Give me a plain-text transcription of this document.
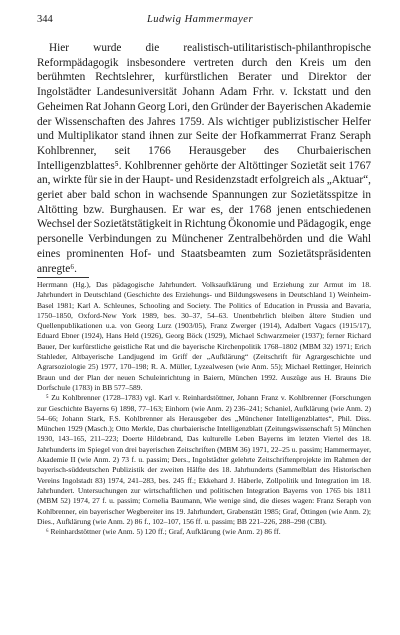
344	Ludwig Hammermayer

Hier wurde die realistisch-utilitaristisch-philanthropische Reformpädagogik insbesondere vertreten durch den Kreis um den berühmten Rechtslehrer, kurfürstlichen Berater und Direktor der Ingolstädter Landesuniversität Johann Adam Frhr. v. Ickstatt und den Geheimen Rat Johann Georg Lori, den Gründer der Bayerischen Akademie der Wissenschaften des Jahres 1759. Als wichtiger publizistischer Helfer und Multiplikator stand ihnen zur Seite der Hofkammerrat Franz Seraph Kohlbrenner, seit 1766 Herausgeber des Churbaierischen Intelligenzblattes⁵. Kohlbrenner gehörte der Altöttinger Sozietät seit 1767 an, wirkte für sie in der Haupt- und Residenzstadt erfolgreich als „Aktuar“, geriet aber bald schon in wachsende Spannungen zur Sozietätsspitze in Altötting bzw. Burghausen. Er war es, der 1768 jenen entschiedenen Wechsel der Sozietätstätigkeit in Richtung Ökonomie und Pädagogik, enge personelle Verbindungen zu Münchener Zentralbehörden und die Wahl eines prominenten Hof- und Staatsbeamten zum Sozietätspräsidenten anregte⁶.

Herrmann (Hg.), Das pädagogische Jahrhundert. Volksaufklärung und Erziehung zur Armut im 18. Jahrhundert in Deutschland (Geschichte des Erziehungs- und Bildungswesens in Deutschland 1) Weinheim-Basel 1981; Karl A. Schleunes, Schooling and Society. The Politics of Education in Prussia and Bavaria, 1750–1850, Oxford-New York 1989, bes. 30–37, 54–63. Unentbehrlich bleiben ältere Studien und Quellenpublikationen u.a. von Georg Lurz (1903/05), Franz Zwerger (1914), Adalbert Vagacs (1915/17), Eduard Ebner (1924), Hans Held (1926), Georg Böck (1929), Michael Schwarzmeier (1937); ferner Richard Bauer, Der kurfürstliche geistliche Rat und die bayerische Kirchenpolitik 1768–1802 (MBM 32) 1971; Erich Stahleder, Altbayerische Landjugend im Griff der „Aufklärung“ (Zeitschrift für Agrargeschichte und Agrarsoziologie 25) 1977, 170–198; R. A. Müller, Lyzealwesen (wie Anm. 55); Michael Rettinger, Heinrich Braun und der Plan der neuen Schuleinrichtung in Baiern, München 1992. Auszüge aus H. Brauns Die Dorfschule (1783) in BB 577–589.

⁵ Zu Kohlbrenner (1728–1783) vgl. Karl v. Reinhardstöttner, Johann Franz v. Kohlbrenner (Forschungen zur Geschichte Bayerns 6) 1898, 77–163; Einhorn (wie Anm. 2) 236–241; Schaniel, Aufklärung (wie Anm. 2) 54–66; Johann Stark, F.S. Kohlbrenner als Herausgeber des „Münchener Intelligenzblattes“, Phil. Diss. München 1929 (Masch.); Otto Merkle, Das churbaierische Intelligenzblatt (Zeitungswissenschaft 5) München 1930, 143–165, 211–223; Doerte Hildebrand, Das kulturelle Leben Bayerns im letzten Viertel des 18. Jahrhunderts im Spiegel von drei bayerischen Zeitschriften (MBM 36) 1971, 22–25 u. passim; Hammermayer, Akademie II (wie Anm. 2) 73 f. u. passim; Ders., Ingolstädter gelehrte Zeitschriftenprojekte im Rahmen der bayerisch-süddeutschen Publizistik der zweiten Hälfte des 18. Jahrhunderts (Sammelblatt des Historischen Vereins Ingolstadt 83) 1974, 241–283, bes. 245 ff.; Ekkehard J. Häberle, Zollpolitik und Integration im 18. Jahrhundert. Untersuchungen zur wirtschaftlichen und politischen Integration Bayerns von 1765 bis 1811 (MBM 52) 1974, 27 f. u. passim; Cornelia Baumann, Wie wenige sind, die dieses wagen: Franz Seraph von Kohlbrenner, ein bayerischer Wegbereiter ins 19. Jahrhundert, Grabenstätt 1985; Graf, Öttingen (wie Anm. 2); Dies., Aufklärung (wie Anm. 2) 86 f., 102–107, 156 ff. u. passim; BB 221–226, 288–298 (CBI).

⁶ Reinhardstöttner (wie Anm. 5) 120 ff.; Graf, Aufklärung (wie Anm. 2) 86 ff.
